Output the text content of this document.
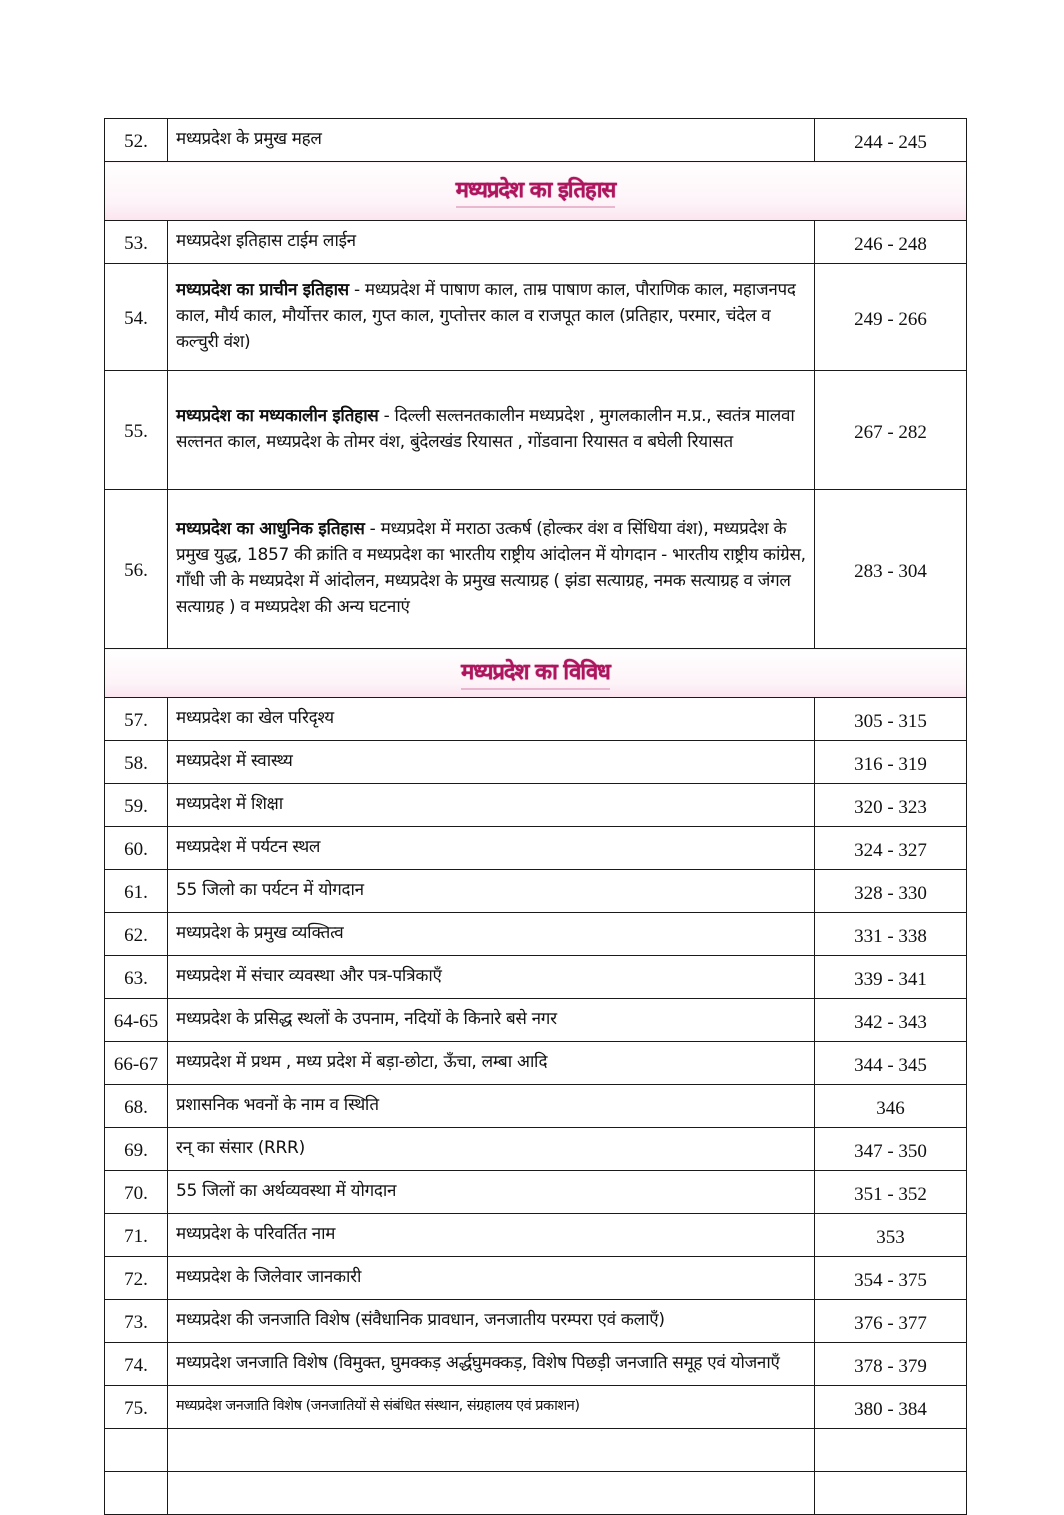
52.	मध्यप्रदेश के प्रमुख महल	244 - 245
मध्यप्रदेश का इतिहास		
53.	मध्यप्रदेश इतिहास टाईम लाईन	246 - 248
54.	मध्यप्रदेश का प्राचीन इतिहास - मध्यप्रदेश में पाषाण काल, ताम्र पाषाण काल, पौराणिक काल, महाजनपद काल, मौर्य काल, मौर्योत्तर काल, गुप्त काल, गुप्तोत्तर काल व राजपूत काल (प्रतिहार, परमार, चंदेल व कल्चुरी वंश)	249 - 266
55.	मध्यप्रदेश का मध्यकालीन इतिहास - दिल्ली सल्तनतकालीन मध्यप्रदेश , मुगलकालीन म.प्र., स्वतंत्र मालवा सल्तनत काल, मध्यप्रदेश के तोमर वंश, बुंदेलखंड रियासत , गोंडवाना रियासत व बघेली रियासत	267 - 282
56.	मध्यप्रदेश का आधुनिक इतिहास - मध्यप्रदेश में मराठा उत्कर्ष (होल्कर वंश व सिंधिया वंश), मध्यप्रदेश के प्रमुख युद्ध, 1857 की क्रांति व मध्यप्रदेश का भारतीय राष्ट्रीय आंदोलन में योगदान - भारतीय राष्ट्रीय कांग्रेस, गाँधी जी के मध्यप्रदेश में आंदोलन, मध्यप्रदेश के प्रमुख सत्याग्रह ( झंडा सत्याग्रह, नमक सत्याग्रह व जंगल सत्याग्रह ) व मध्यप्रदेश की अन्य घटनाएं	283 - 304
मध्यप्रदेश का विविध		
57.	मध्यप्रदेश का खेल परिदृश्य	305 - 315
58.	मध्यप्रदेश में स्वास्थ्य	316 - 319
59.	मध्यप्रदेश में शिक्षा	320 - 323
60.	मध्यप्रदेश में पर्यटन स्थल	324 - 327
61.	55 जिलो का पर्यटन में योगदान	328 - 330
62.	मध्यप्रदेश के प्रमुख व्यक्तित्व	331 - 338
63.	मध्यप्रदेश में संचार व्यवस्था और पत्र-पत्रिकाएँ	339 - 341
64-65	मध्यप्रदेश के प्रसिद्ध स्थलों के उपनाम, नदियों के किनारे बसे नगर	342 - 343
66-67	मध्यप्रदेश में प्रथम , मध्य प्रदेश में बड़ा-छोटा, ऊँचा, लम्बा आदि	344 - 345
68.	प्रशासनिक भवनों के नाम व स्थिति	346
69.	रन् का संसार (RRR)	347 - 350
70.	55 जिलों का अर्थव्यवस्था में योगदान	351 - 352
71.	मध्यप्रदेश के परिवर्तित नाम	353
72.	मध्यप्रदेश के जिलेवार जानकारी	354 - 375
73.	मध्यप्रदेश की जनजाति विशेष (संवैधानिक प्रावधान, जनजातीय परम्परा एवं कलाएँ)	376 - 377
74.	मध्यप्रदेश जनजाति विशेष (विमुक्त, घुमक्कड़ अर्द्धघुमक्कड़, विशेष पिछड़ी जनजाति समूह एवं योजनाएँ	378 - 379
75.	मध्यप्रदेश जनजाति विशेष (जनजातियों से संबंधित संस्थान, संग्रहालय एवं प्रकाशन)	380 - 384
